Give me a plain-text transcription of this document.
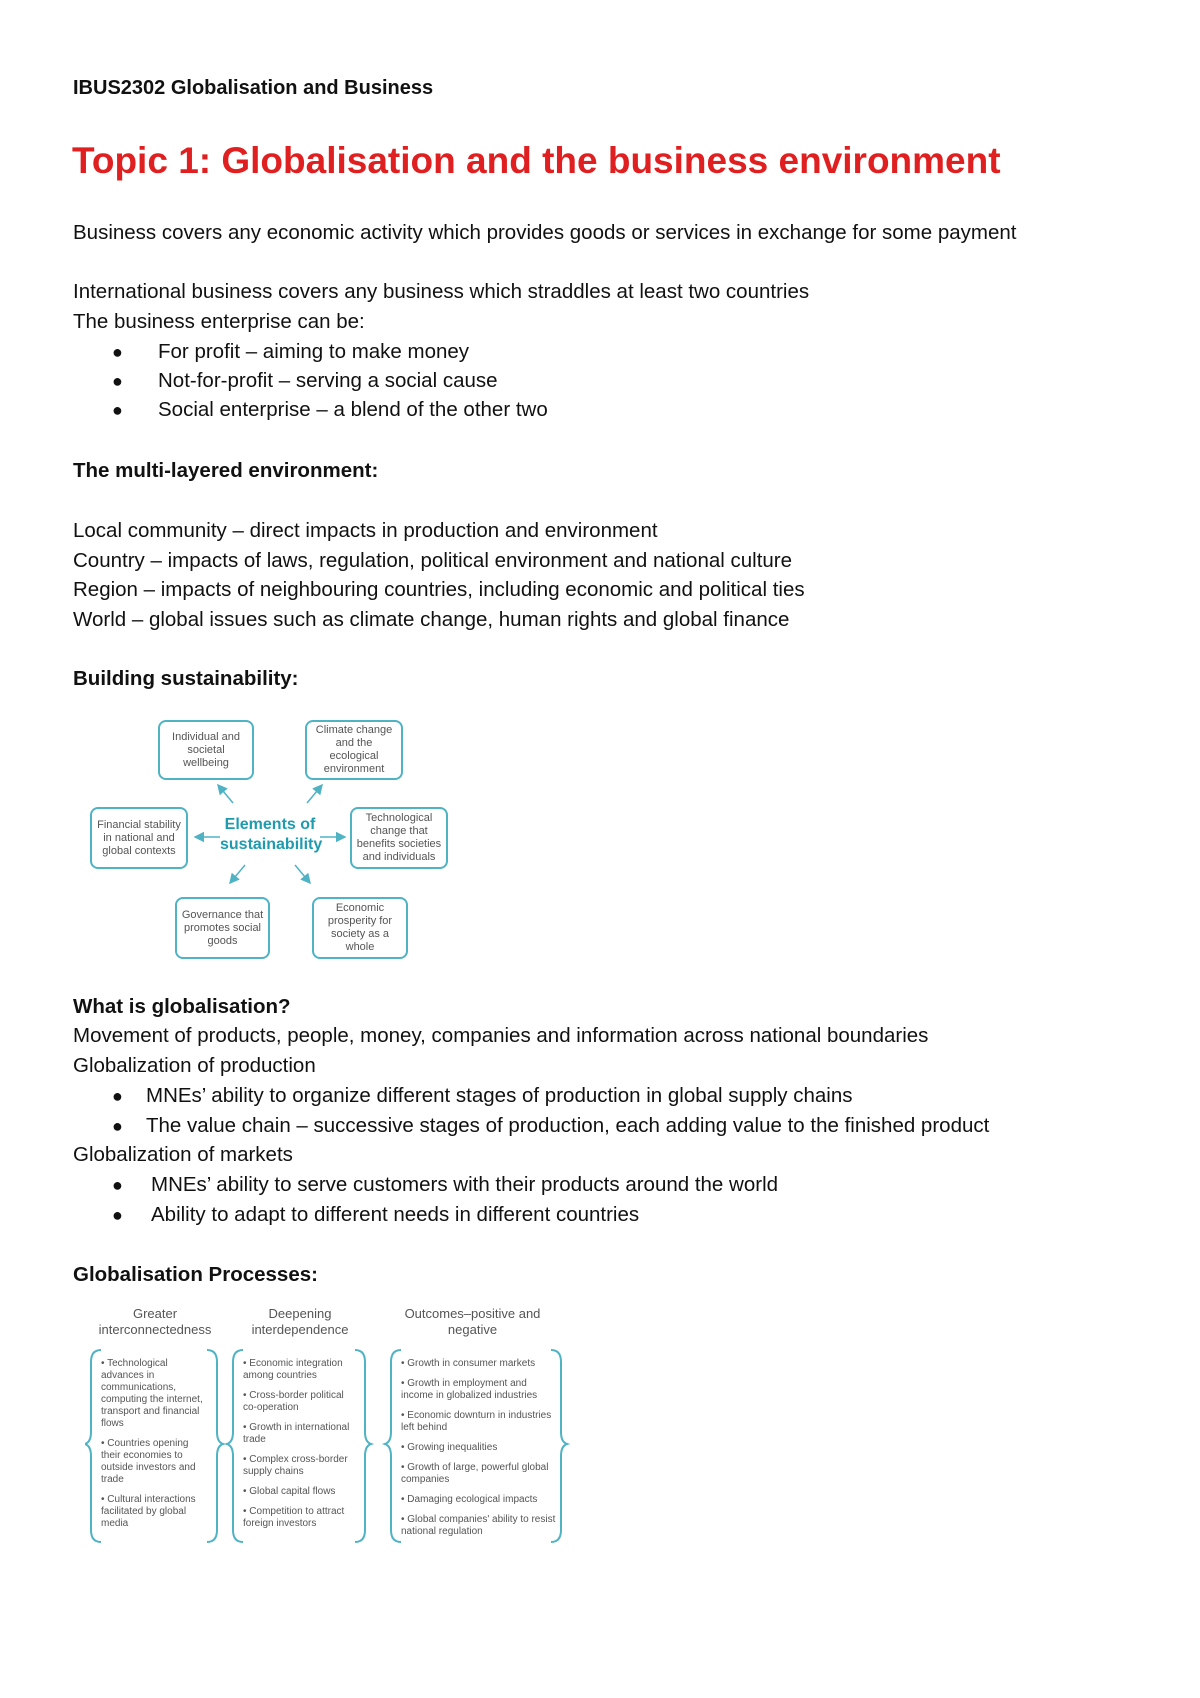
IBUS2302 Globalisation and Business
Topic 1: Globalisation and the business environment
Business covers any economic activity which provides goods or services in exchange for some payment
International business covers any business which straddles at least two countries
The business enterprise can be:
● For profit – aiming to make money
● Not-for-profit – serving a social cause
● Social enterprise – a blend of the other two
The multi-layered environment:
Local community – direct impacts in production and environment
Country – impacts of laws, regulation, political environment and national culture
Region – impacts of neighbouring countries, including economic and political ties
World – global issues such as climate change, human rights and global finance
Building sustainability:
Elements of sustainability
Individual and societal wellbeing
Climate change and the ecological environment
Financial stability in national and global contexts
Technological change that benefits societies and individuals
Governance that promotes social goods
Economic prosperity for society as a whole
What is globalisation?
Movement of products, people, money, companies and information across national boundaries
Globalization of production
● MNEs’ ability to organize different stages of production in global supply chains
● The value chain – successive stages of production, each adding value to the finished product
Globalization of markets
● MNEs’ ability to serve customers with their products around the world
● Ability to adapt to different needs in different countries
Globalisation Processes:
Greater interconnectedness
Deepening interdependence
Outcomes–positive and negative
• Technological advances in communications, computing the internet, transport and financial flows
• Countries opening their economies to outside investors and trade
• Cultural interactions facilitated by global media
• Economic integration among countries
• Cross-border political co-operation
• Growth in international trade
• Complex cross-border supply chains
• Global capital flows
• Competition to attract foreign investors
• Growth in consumer markets
• Growth in employment and income in globalized industries
• Economic downturn in industries left behind
• Growing inequalities
• Growth of large, powerful global companies
• Damaging ecological impacts
• Global companies' ability to resist national regulation
